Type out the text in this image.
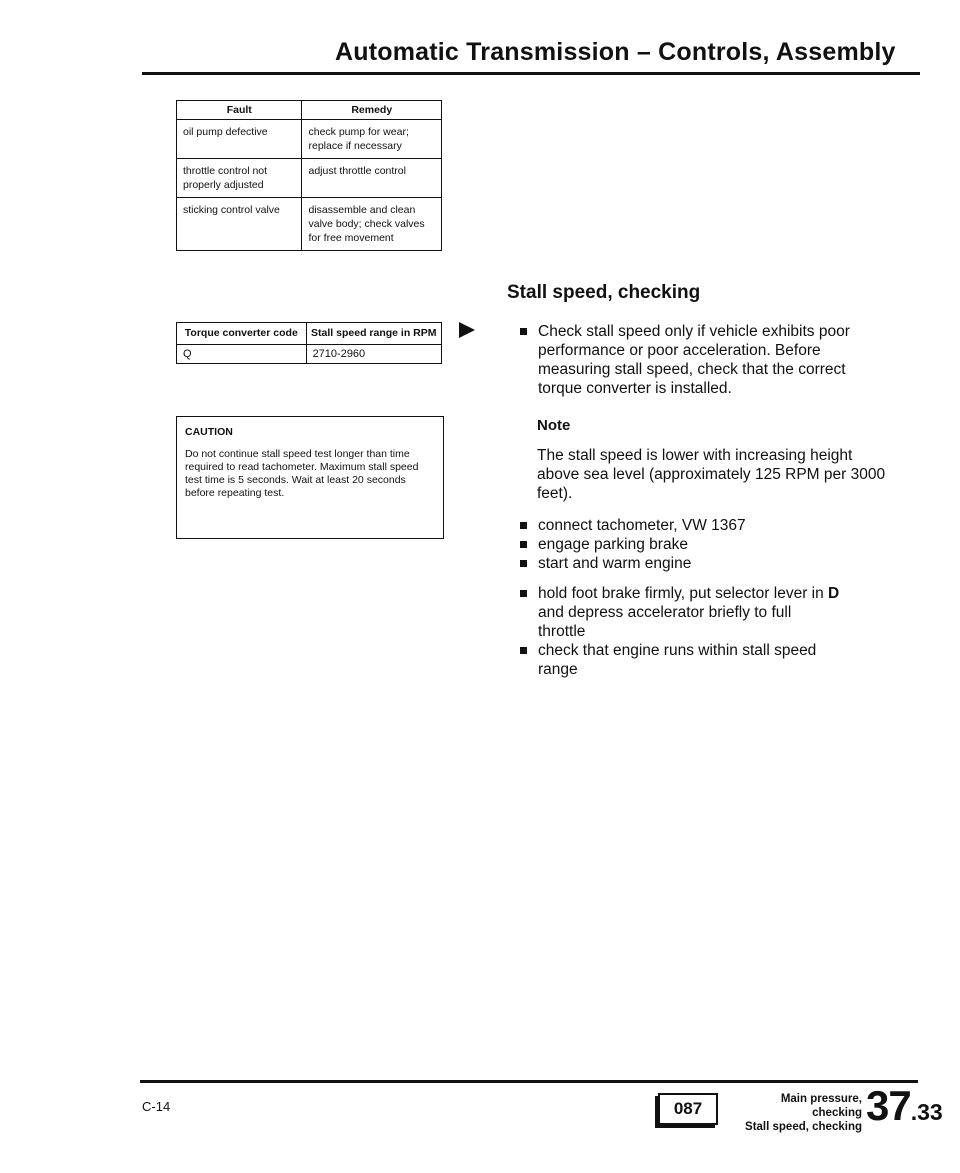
Automatic Transmission – Controls, Assembly
Fault	Remedy
oil pump defective	check pump for wear; replace if necessary
throttle control not properly adjusted	adjust throttle control
sticking control valve	disassemble and clean valve body; check valves for free movement
Torque converter code	Stall speed range in RPM
Q	2710-2960
CAUTION
Do not continue stall speed test longer than time required to read tachometer. Maximum stall speed test time is 5 seconds. Wait at least 20 seconds before repeating test.
Stall speed, checking
Check stall speed only if vehicle exhibits poor performance or poor acceleration. Before measuring stall speed, check that the correct torque converter is installed.
Note
The stall speed is lower with increasing height above sea level (approximately 125 RPM per 3000 feet).
connect tachometer, VW 1367
engage parking brake
start and warm engine
hold foot brake firmly, put selector lever in D and depress accelerator briefly to full throttle
check that engine runs within stall speed range
C-14	087	Main pressure, checking
Stall speed, checking 37.33
